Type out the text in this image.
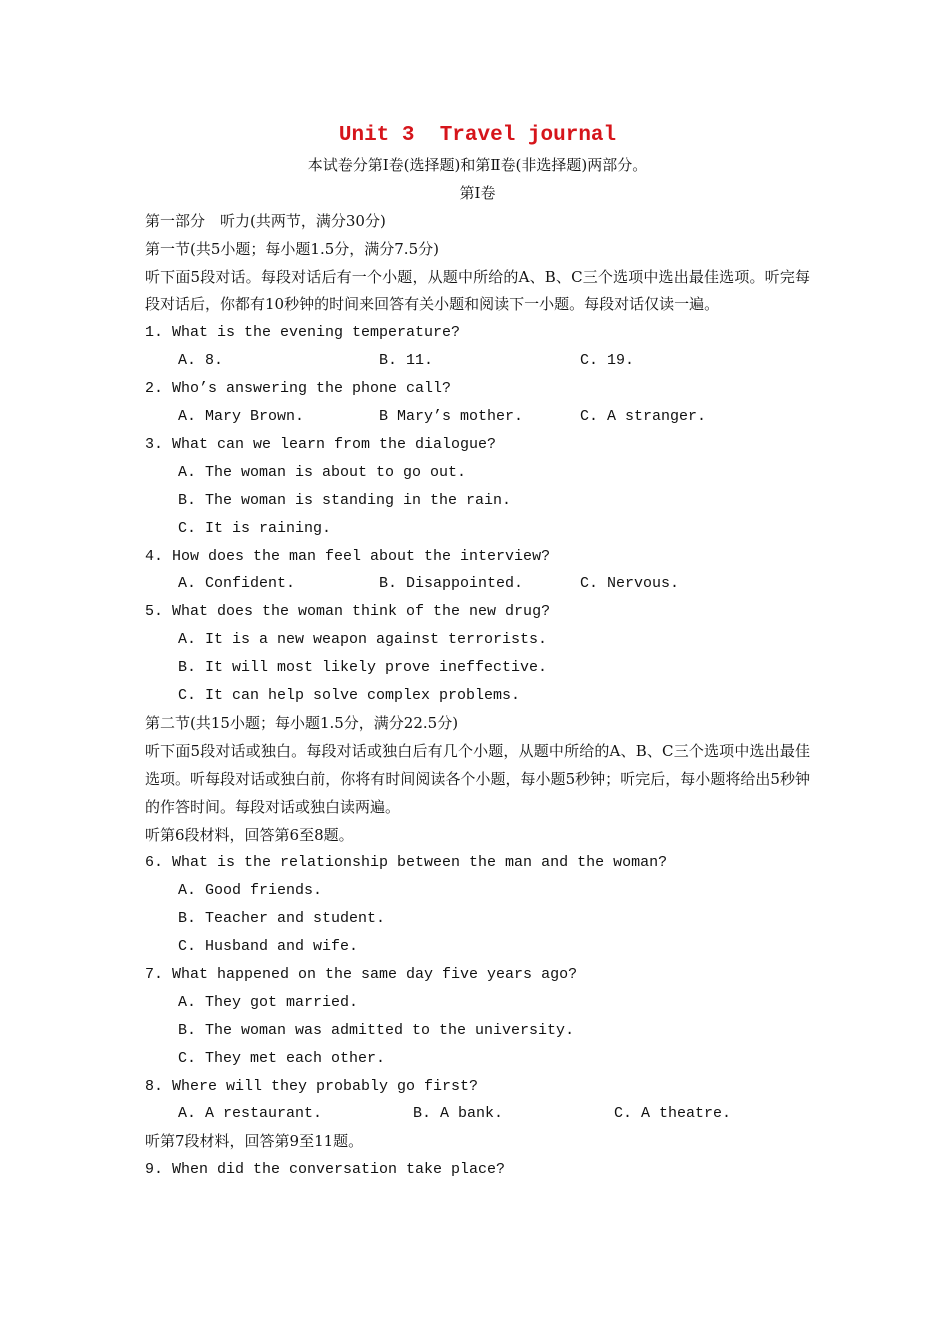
Unit 3  Travel journal
本试卷分第Ⅰ卷(选择题)和第Ⅱ卷(非选择题)两部分。
第Ⅰ卷
第一部分　听力(共两节，满分30分)
第一节(共5小题；每小题1.5分，满分7.5分)
听下面5段对话。每段对话后有一个小题，从题中所给的A、B、C三个选项中选出最佳选项。听完每段对话后，你都有10秒钟的时间来回答有关小题和阅读下一小题。每段对话仅读一遍。
1. What is the evening temperature?
A. 8.	B. 11.	C. 19.
2. Who’s answering the phone call?
A. Mary Brown.	B Mary’s mother.	C. A stranger.
3. What can we learn from the dialogue?
A. The woman is about to go out.
B. The woman is standing in the rain.
C. It is raining.
4. How does the man feel about the interview?
A. Confident.	B. Disappointed.	C. Nervous.
5. What does the woman think of the new drug?
A. It is a new weapon against terrorists.
B. It will most likely prove ineffective.
C. It can help solve complex problems.
第二节(共15小题；每小题1.5分，满分22.5分)
听下面5段对话或独白。每段对话或独白后有几个小题，从题中所给的A、B、C三个选项中选出最佳选项。听每段对话或独白前，你将有时间阅读各个小题，每小题5秒钟；听完后，每小题将给出5秒钟的作答时间。每段对话或独白读两遍。
听第6段材料，回答第6至8题。
6. What is the relationship between the man and the woman?
A. Good friends.
B. Teacher and student.
C. Husband and wife.
7. What happened on the same day five years ago?
A. They got married.
B. The woman was admitted to the university.
C. They met each other.
8. Where will they probably go first?
A. A restaurant.	B. A bank.	C. A theatre.
听第7段材料，回答第9至11题。
9. When did the conversation take place?
